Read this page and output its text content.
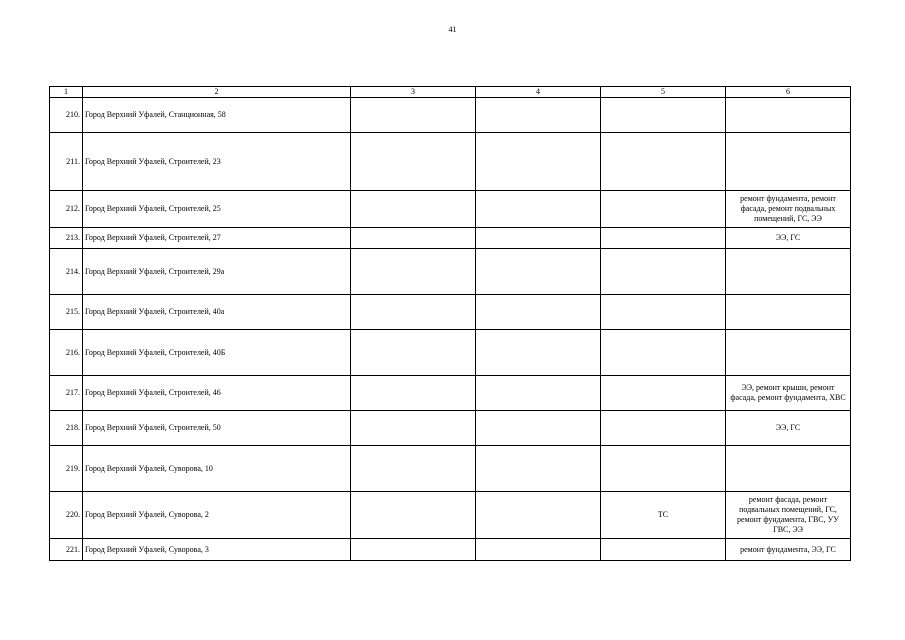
41
1	2	3	4	5	6
210.	Город Верхний Уфалей, Станционная, 58				
211.	Город Верхний Уфалей, Строителей, 23				
212.	Город Верхний Уфалей, Строителей, 25				ремонт фундамента, ремонт фасада, ремонт подвальных помещений, ГС, ЭЭ
213.	Город Верхний Уфалей, Строителей, 27				ЭЭ, ГС
214.	Город Верхний Уфалей, Строителей, 29а				
215.	Город Верхний Уфалей, Строителей, 40а				
216.	Город Верхний Уфалей, Строителей, 40Б				
217.	Город Верхний Уфалей, Строителей, 46				ЭЭ, ремонт крыши, ремонт фасада, ремонт фундамента, ХВС
218.	Город Верхний Уфалей, Строителей, 50				ЭЭ, ГС
219.	Город Верхний Уфалей, Суворова, 10				
220.	Город Верхний Уфалей, Суворова, 2			ТС	ремонт фасада, ремонт подвальных помещений, ГС, ремонт фундамента, ГВС, УУ ГВС, ЭЭ
221.	Город Верхний Уфалей, Суворова, 3				ремонт фундамента, ЭЭ, ГС
